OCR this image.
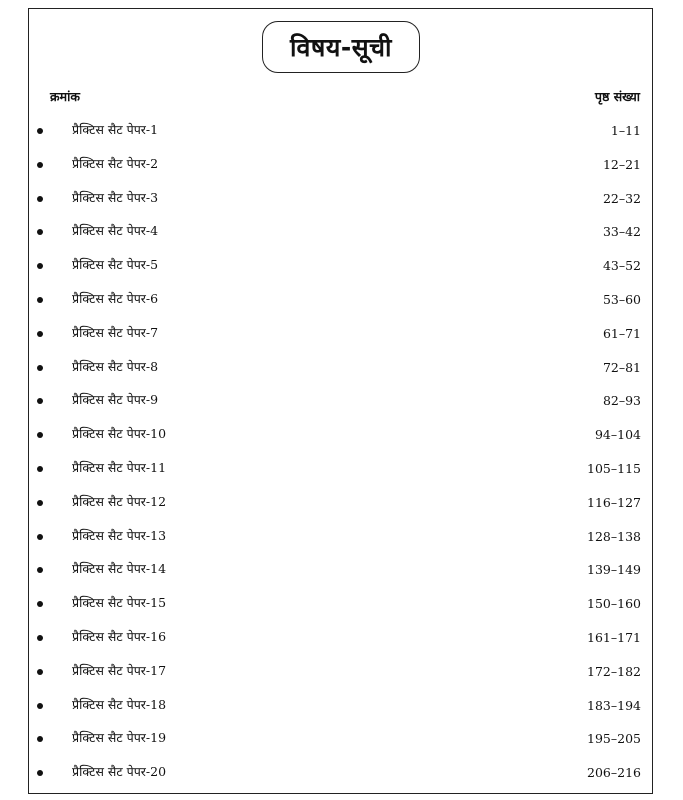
विषय-सूची
क्रमांक	पृष्ठ संख्या
प्रैक्टिस सैट पेपर-1	1–11
प्रैक्टिस सैट पेपर-2	12–21
प्रैक्टिस सैट पेपर-3	22–32
प्रैक्टिस सैट पेपर-4	33–42
प्रैक्टिस सैट पेपर-5	43–52
प्रैक्टिस सैट पेपर-6	53–60
प्रैक्टिस सैट पेपर-7	61–71
प्रैक्टिस सैट पेपर-8	72–81
प्रैक्टिस सैट पेपर-9	82–93
प्रैक्टिस सैट पेपर-10	94–104
प्रैक्टिस सैट पेपर-11	105–115
प्रैक्टिस सैट पेपर-12	116–127
प्रैक्टिस सैट पेपर-13	128–138
प्रैक्टिस सैट पेपर-14	139–149
प्रैक्टिस सैट पेपर-15	150–160
प्रैक्टिस सैट पेपर-16	161–171
प्रैक्टिस सैट पेपर-17	172–182
प्रैक्टिस सैट पेपर-18	183–194
प्रैक्टिस सैट पेपर-19	195–205
प्रैक्टिस सैट पेपर-20	206–216
